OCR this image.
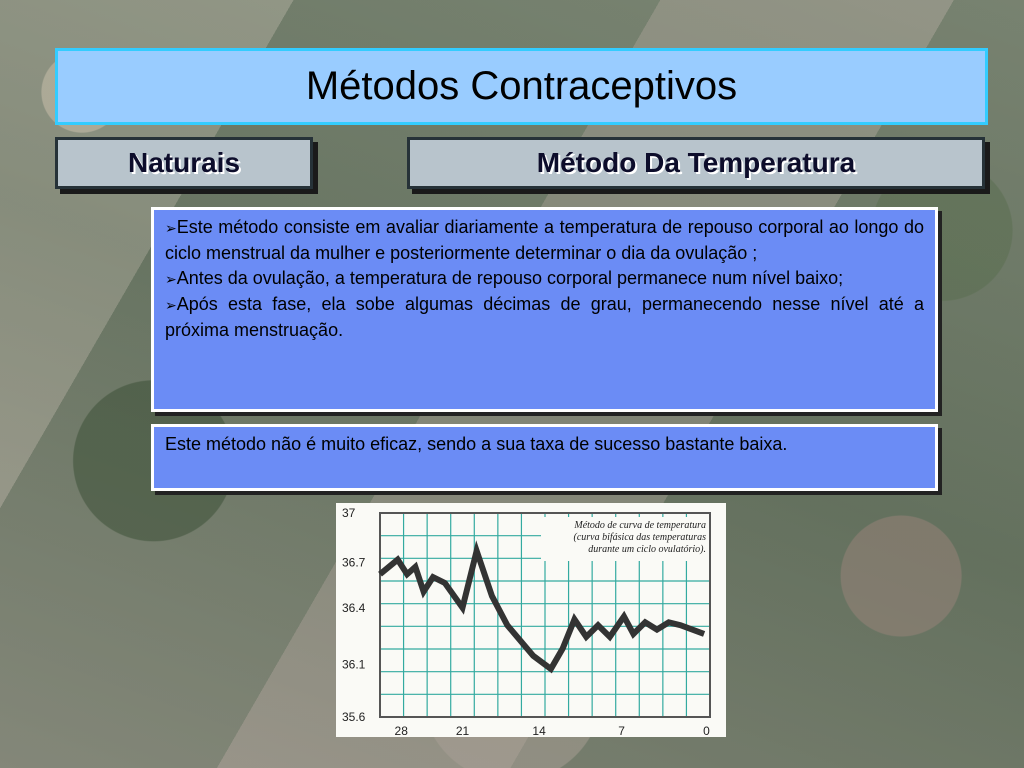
Métodos Contraceptivos
Naturais	Método Da Temperatura
➢Este método consiste em avaliar diariamente a temperatura de repouso corporal ao longo do ciclo menstrual da mulher e posteriormente determinar o dia da ovulação ;
➢Antes da ovulação, a temperatura de repouso corporal permanece num nível baixo;
➢Após esta fase, ela sobe algumas décimas de grau, permanecendo nesse nível até a próxima menstruação.
Este método não é muito eficaz, sendo a sua taxa de sucesso bastante baixa.
37
36.7
36.4
36.1
35.6
28	21	14	7	0
Método de curva de temperatura
(curva bifásica das temperaturas
durante um ciclo ovulatório).
